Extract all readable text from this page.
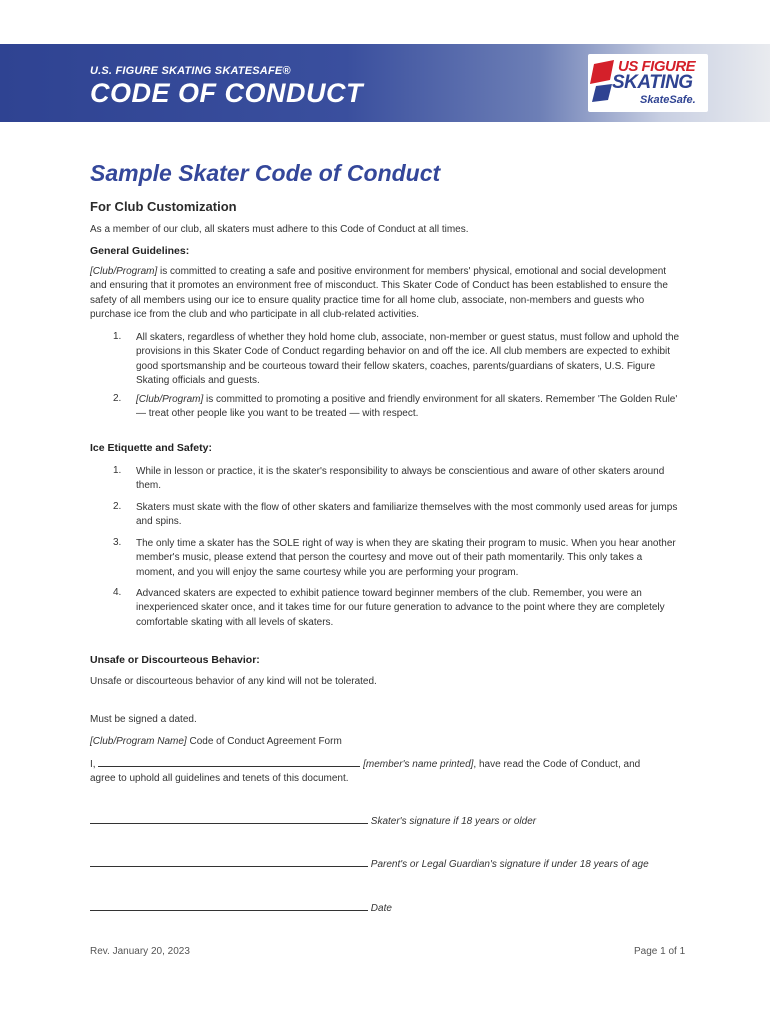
U.S. FIGURE SKATING SKATESAFE®
CODE OF CONDUCT
US FIGURE
SKATING
SkateSafe.
Sample Skater Code of Conduct
For Club Customization
As a member of our club, all skaters must adhere to this Code of Conduct at all times.
General Guidelines:
[Club/Program] is committed to creating a safe and positive environment for members' physical, emotional and social development and ensuring that it promotes an environment free of misconduct. This Skater Code of Conduct has been established to ensure the safety of all members using our ice to ensure quality practice time for all home club, associate, non-members and guests who purchase ice from the club and who participate in all club-related activities.
1. All skaters, regardless of whether they hold home club, associate, non-member or guest status, must follow and uphold the provisions in this Skater Code of Conduct regarding behavior on and off the ice. All club members are expected to exhibit good sportsmanship and be courteous toward their fellow skaters, coaches, parents/guardians of skaters, U.S. Figure Skating officials and guests.
2. [Club/Program] is committed to promoting a positive and friendly environment for all skaters. Remember 'The Golden Rule' — treat other people like you want to be treated — with respect.
Ice Etiquette and Safety:
1. While in lesson or practice, it is the skater's responsibility to always be conscientious and aware of other skaters around them.
2. Skaters must skate with the flow of other skaters and familiarize themselves with the most commonly used areas for jumps and spins.
3. The only time a skater has the SOLE right of way is when they are skating their program to music. When you hear another member's music, please extend that person the courtesy and move out of their path momentarily. This only takes a moment, and you will enjoy the same courtesy while you are performing your program.
4. Advanced skaters are expected to exhibit patience toward beginner members of the club. Remember, you were an inexperienced skater once, and it takes time for our future generation to advance to the point where they are completely comfortable skating with all levels of skaters.
Unsafe or Discourteous Behavior:
Unsafe or discourteous behavior of any kind will not be tolerated.
Must be signed a dated.
[Club/Program Name] Code of Conduct Agreement Form
I,	[member's name printed], have read the Code of Conduct, and
agree to uphold all guidelines and tenets of this document.
Skater's signature if 18 years or older
Parent's or Legal Guardian's signature if under 18 years of age
Date
Rev. January 20, 2023	Page 1 of 1
